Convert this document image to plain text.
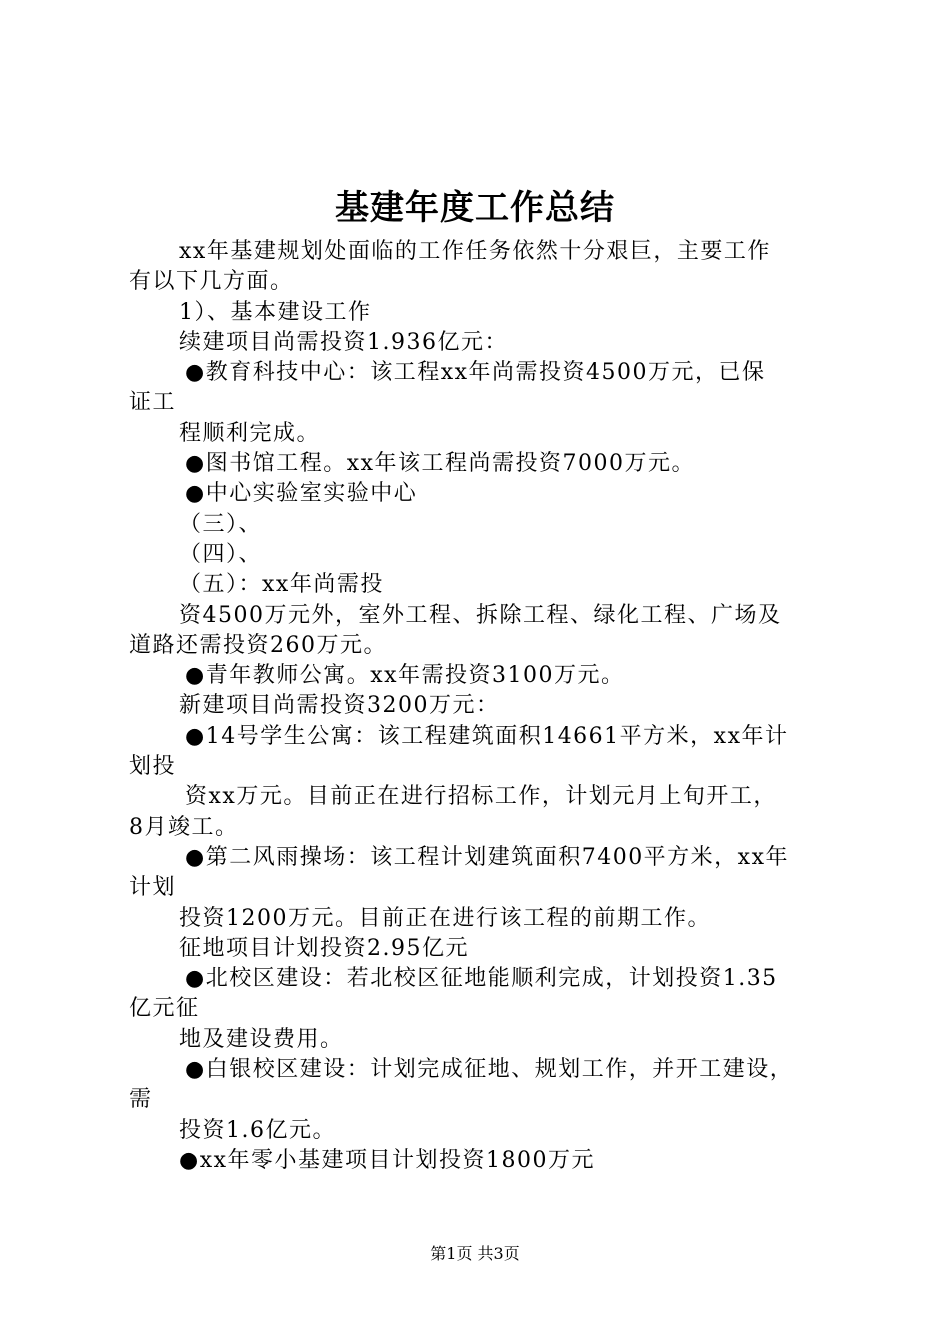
基建年度工作总结
xx年基建规划处面临的工作任务依然十分艰巨，主要工作
有以下几方面。
1）、基本建设工作
续建项目尚需投资1.936亿元：
●教育科技中心：该工程xx年尚需投资4500万元，已保
证工
程顺利完成。
●图书馆工程。xx年该工程尚需投资7000万元。
●中心实验室实验中心
（三）、
（四）、
（五）：xx年尚需投
资4500万元外，室外工程、拆除工程、绿化工程、广场及
道路还需投资260万元。
●青年教师公寓。xx年需投资3100万元。
新建项目尚需投资3200万元：
●14号学生公寓：该工程建筑面积14661平方米，xx年计
划投
资xx万元。目前正在进行招标工作，计划元月上旬开工，
8月竣工。
●第二风雨操场：该工程计划建筑面积7400平方米，xx年
计划
投资1200万元。目前正在进行该工程的前期工作。
征地项目计划投资2.95亿元
●北校区建设：若北校区征地能顺利完成，计划投资1.35
亿元征
地及建设费用。
●白银校区建设：计划完成征地、规划工作，并开工建设，
需
投资1.6亿元。
●xx年零小基建项目计划投资1800万元
第1页 共3页
